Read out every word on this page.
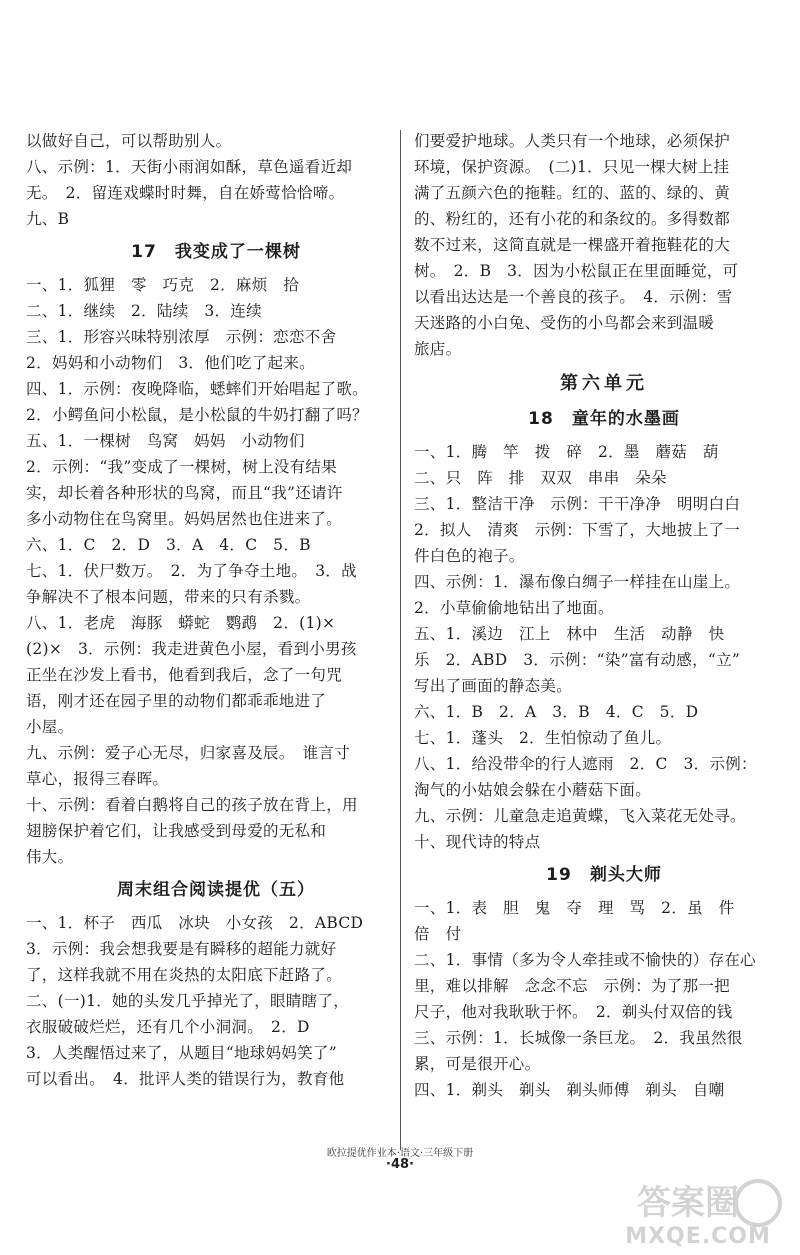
以做好自己，可以帮助别人。
八、示例：1．天街小雨润如酥，草色遥看近却
无。　2．留连戏蝶时时舞，自在娇莺恰恰啼。
九、B
17　我变成了一棵树
一、1．狐狸　零　巧克　2．麻烦　拾
二、1．继续　2．陆续　3．连续
三、1．形容兴味特别浓厚　示例：恋恋不舍
2．妈妈和小动物们　3．他们吃了起来。
四、1．示例：夜晚降临，蟋蟀们开始唱起了歌。
2．小鳄鱼问小松鼠，是小松鼠的牛奶打翻了吗？
五、1．一棵树　鸟窝　妈妈　小动物们
2．示例：“我”变成了一棵树，树上没有结果
实，却长着各种形状的鸟窝，而且“我”还请许
多小动物住在鸟窝里。妈妈居然也住进来了。
六、1．C　2．D　3．A　4．C　5．B
七、1．伏尸数万。　2．为了争夺土地。　3．战
争解决不了根本问题，带来的只有杀戮。
八、1．老虎　海豚　蟒蛇　鹦鹉　2．(1)×
(2)×　3．示例：我走进黄色小屋，看到小男孩
正坐在沙发上看书，他看到我后，念了一句咒
语，刚才还在园子里的动物们都乖乖地进了
小屋。
九、示例：爱子心无尽，归家喜及辰。　谁言寸
草心，报得三春晖。
十、示例：看着白鹅将自己的孩子放在背上，用
翅膀保护着它们，让我感受到母爱的无私和
伟大。
周末组合阅读提优（五）
一、1．杯子　西瓜　冰块　小女孩　2．ABCD
3．示例：我会想我要是有瞬移的超能力就好
了，这样我就不用在炎热的太阳底下赶路了。
二、(一)1．她的头发几乎掉光了，眼睛瞎了，
衣服破破烂烂，还有几个小洞洞。　2．D
3．人类醒悟过来了，从题目“地球妈妈笑了”
可以看出。　4．批评人类的错误行为，教育他
们要爱护地球。人类只有一个地球，必须保护
环境，保护资源。　(二)1．只见一棵大树上挂
满了五颜六色的拖鞋。红的、蓝的、绿的、黄
的、粉红的，还有小花的和条纹的。多得数都
数不过来，这简直就是一棵盛开着拖鞋花的大
树。　2．B　3．因为小松鼠正在里面睡觉，可
以看出达达是一个善良的孩子。　4．示例：雪
天迷路的小白兔、受伤的小鸟都会来到温暖
旅店。
第六单元
18　童年的水墨画
一、1．腾　竿　拨　碎　2．墨　蘑菇　葫
二、只　阵　排　双双　串串　朵朵
三、1．整洁干净　示例：干干净净　明明白白
2．拟人　清爽　示例：下雪了，大地披上了一
件白色的袍子。
四、示例：1．瀑布像白绸子一样挂在山崖上。
2．小草偷偷地钻出了地面。
五、1．溪边　江上　林中　生活　动静　快
乐　2．ABD　3．示例：“染”富有动感，“立”
写出了画面的静态美。
六、1．B　2．A　3．B　4．C　5．D
七、1．蓬头　2．生怕惊动了鱼儿。
八、1．给没带伞的行人遮雨　2．C　3．示例：
淘气的小姑娘会躲在小蘑菇下面。
九、示例：儿童急走追黄蝶，飞入菜花无处寻。
十、现代诗的特点
19　剃头大师
一、1．表　胆　鬼　夺　理　骂　2．虽　件
倍　付
二、1．事情（多为令人牵挂或不愉快的）存在心
里，难以排解　念念不忘　示例：为了那一把
尺子，他对我耿耿于怀。　2．剃头付双倍的钱
三、示例：1．长城像一条巨龙。　2．我虽然很
累，可是很开心。
四、1．剃头　剃头　剃头师傅　剃头　自嘲
欧拉提优作业本·语文·三年级下册
·48·
答案圈
MXQE.COM
